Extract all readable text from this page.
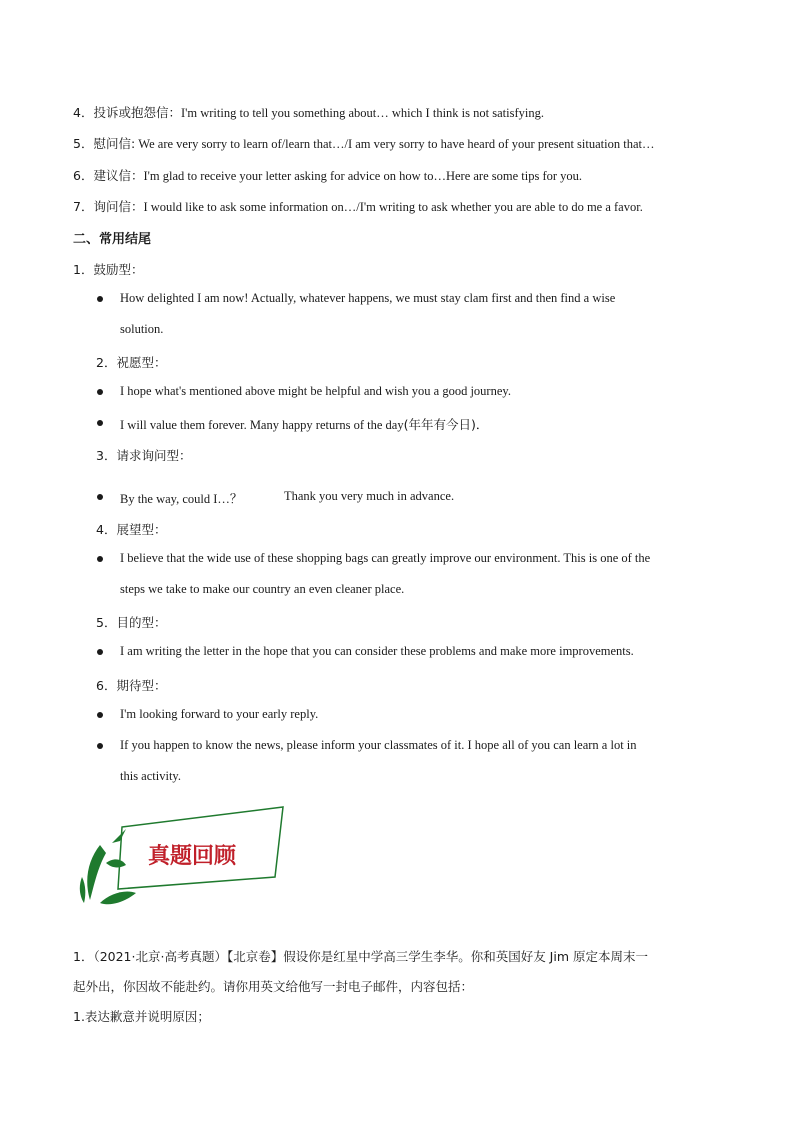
4．投诉或抱怨信：I'm writing to tell you something about… which I think is not satisfying.
5．慰问信: We are very sorry to learn of/learn that…/I am very sorry to have heard of your present situation that…
6．建议信：I'm glad to receive your letter asking for advice on how to…Here are some tips for you.
7．询问信：I would like to ask some information on…/I'm writing to ask whether you are able to do me a favor.
二、常用结尾
1．鼓励型：
How delighted I am now! Actually, whatever happens, we must stay clam first and then find a wise
solution.
2．祝愿型：
I hope what's mentioned above might be helpful and wish you a good journey.
I will value them forever. Many happy returns of the day(年年有今日)．
3．请求询问型：
By the way, could I…？	Thank you very much in advance.
4．展望型：
I believe that the wide use of these shopping bags can greatly improve our environment. This is one of the
steps we take to make our country an even cleaner place.
5．目的型：
I am writing the letter in the hope that you can consider these problems and make more improvements.
6．期待型：
I'm looking forward to your early reply.
If you happen to know the news, please inform your classmates of it. I hope all of you can learn a lot in
this activity.
真题回顾
1．（2021·北京·高考真题）【北京卷】假设你是红星中学高三学生李华。你和英国好友 Jim 原定本周末一
起外出，你因故不能赴约。请你用英文给他写一封电子邮件，内容包括：
1.表达歉意并说明原因；
